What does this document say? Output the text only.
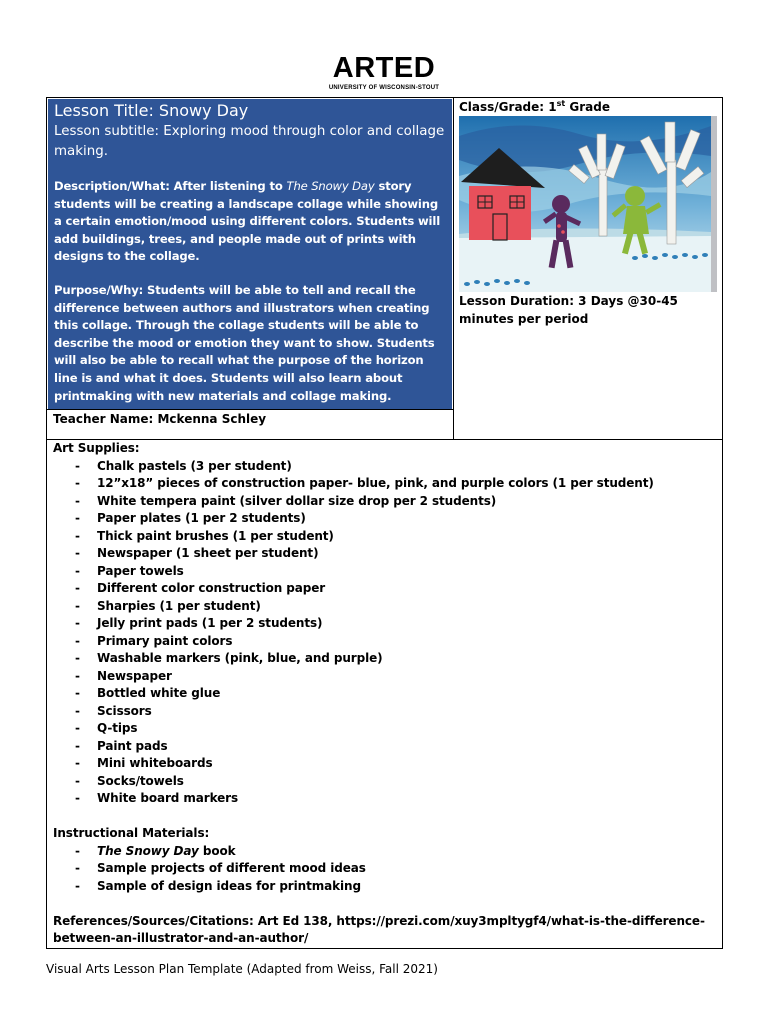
ARTED
UNIVERSITY OF WISCONSIN-STOUT
Lesson Title: Snowy Day
Lesson subtitle: Exploring mood through color and collage making.
Description/What: After listening to The Snowy Day story students will be creating a landscape collage while showing a certain emotion/mood using different colors. Students will add buildings, trees, and people made out of prints with designs to the collage.
Purpose/Why: Students will be able to tell and recall the difference between authors and illustrators when creating this collage. Through the collage students will be able to describe the mood or emotion they want to show. Students will also be able to recall what the purpose of the horizon line is and what it does. Students will also learn about printmaking with new materials and collage making.
Teacher Name: Mckenna Schley
Class/Grade: 1st Grade
Lesson Duration: 3 Days @30-45 minutes per period
Art Supplies:
- Chalk pastels (3 per student)
- 12”x18” pieces of construction paper- blue, pink, and purple colors (1 per student)
- White tempera paint (silver dollar size drop per 2 students)
- Paper plates (1 per 2 students)
- Thick paint brushes (1 per student)
- Newspaper (1 sheet per student)
- Paper towels
- Different color construction paper
- Sharpies (1 per student)
- Jelly print pads (1 per 2 students)
- Primary paint colors
- Washable markers (pink, blue, and purple)
- Newspaper
- Bottled white glue
- Scissors
- Q-tips
- Paint pads
- Mini whiteboards
- Socks/towels
- White board markers
Instructional Materials:
- The Snowy Day book
- Sample projects of different mood ideas
- Sample of design ideas for printmaking
References/Sources/Citations: Art Ed 138, https://prezi.com/xuy3mpltygf4/what-is-the-difference-between-an-illustrator-and-an-author/
Visual Arts Lesson Plan Template (Adapted from Weiss, Fall 2021)
